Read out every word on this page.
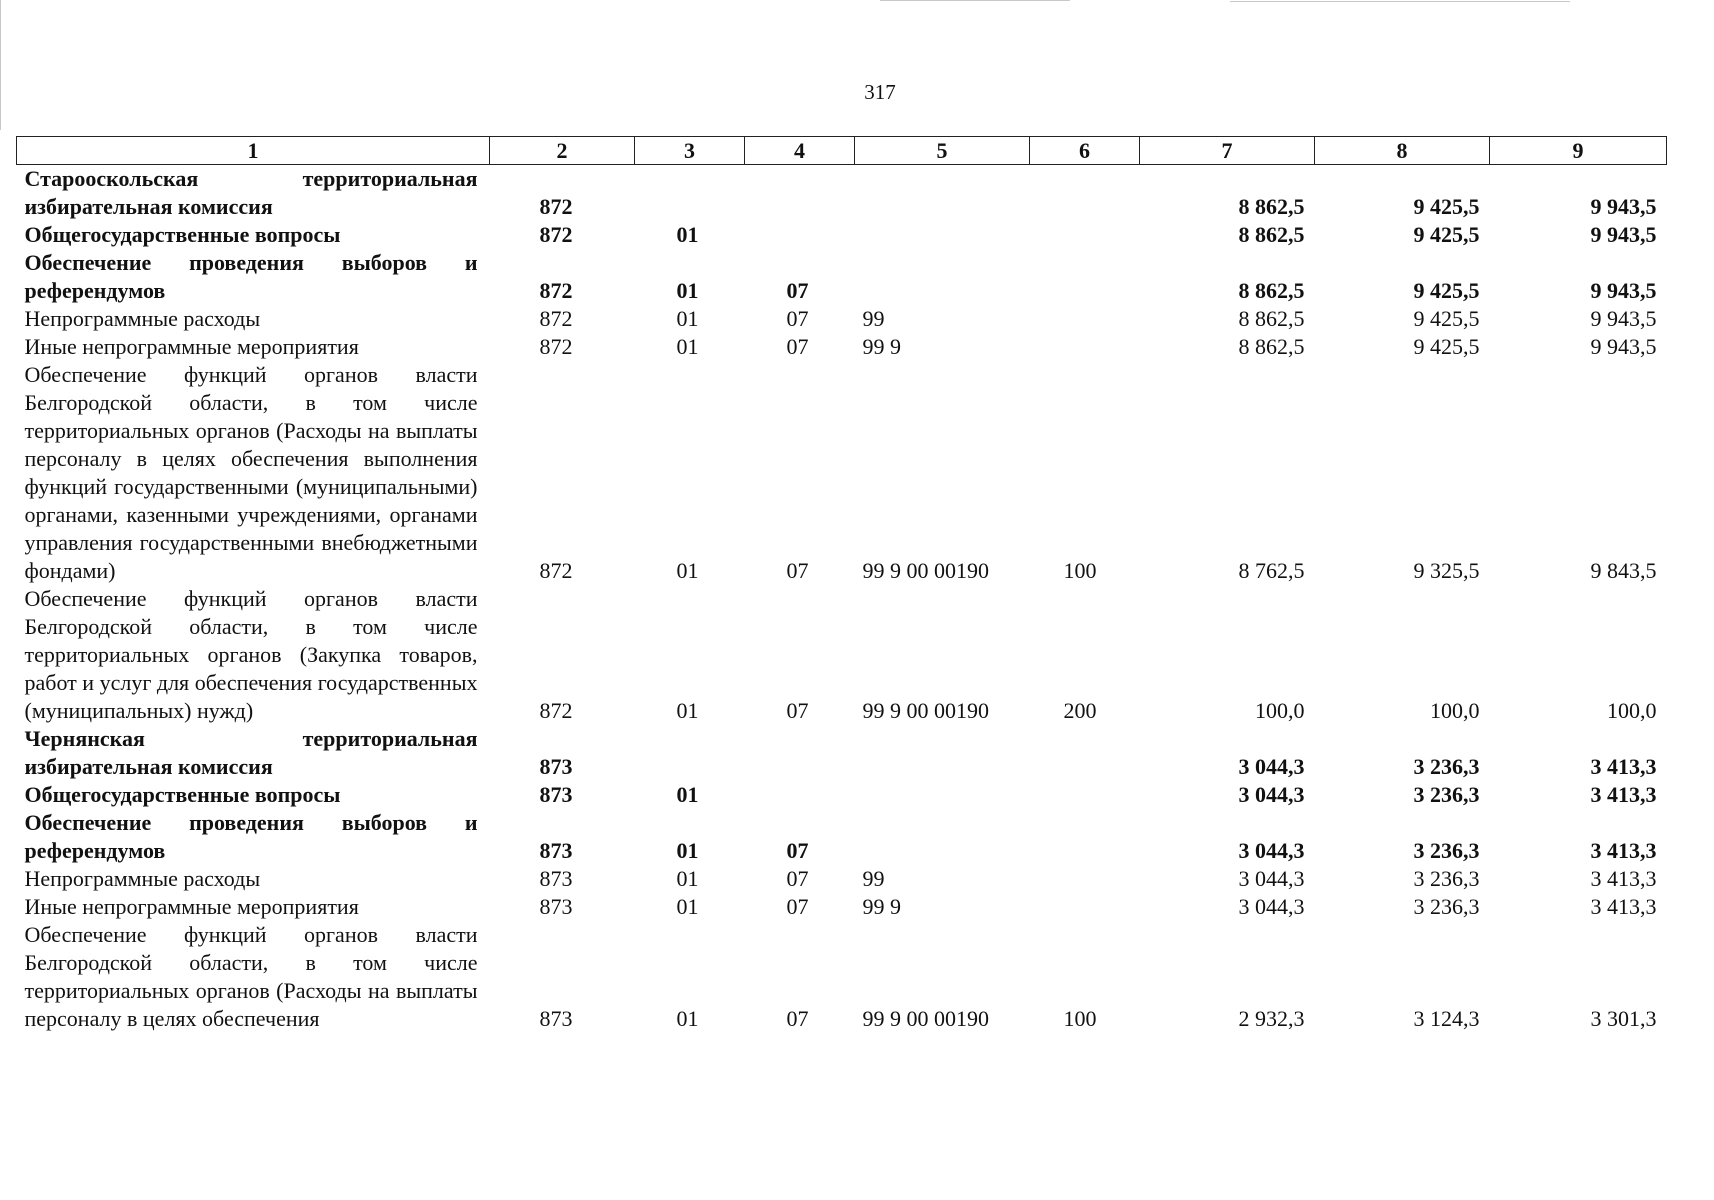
317
1	2	3	4	5	6	7	8	9
Старооскольская территориальная избирательная комиссия	872					8 862,5	9 425,5	9 943,5
Общегосударственные вопросы	872	01				8 862,5	9 425,5	9 943,5
Обеспечение проведения выборов и референдумов	872	01	07			8 862,5	9 425,5	9 943,5
Непрограммные расходы	872	01	07	99		8 862,5	9 425,5	9 943,5
Иные непрограммные мероприятия	872	01	07	99 9		8 862,5	9 425,5	9 943,5
Обеспечение функций органов власти Белгородской области, в том числе территориальных органов (Расходы на выплаты персоналу в целях обеспечения выполнения функций государственными (муниципальными) органами, казенными учреждениями, органами управления государственными внебюджетными фондами)	872	01	07	99 9 00 00190	100	8 762,5	9 325,5	9 843,5
Обеспечение функций органов власти Белгородской области, в том числе территориальных органов (Закупка товаров, работ и услуг для обеспечения государственных (муниципальных) нужд)	872	01	07	99 9 00 00190	200	100,0	100,0	100,0
Чернянская территориальная избирательная комиссия	873					3 044,3	3 236,3	3 413,3
Общегосударственные вопросы	873	01				3 044,3	3 236,3	3 413,3
Обеспечение проведения выборов и референдумов	873	01	07			3 044,3	3 236,3	3 413,3
Непрограммные расходы	873	01	07	99		3 044,3	3 236,3	3 413,3
Иные непрограммные мероприятия	873	01	07	99 9		3 044,3	3 236,3	3 413,3
Обеспечение функций органов власти Белгородской области, в том числе территориальных органов (Расходы на выплаты персоналу в целях обеспечения	873	01	07	99 9 00 00190	100	2 932,3	3 124,3	3 301,3
